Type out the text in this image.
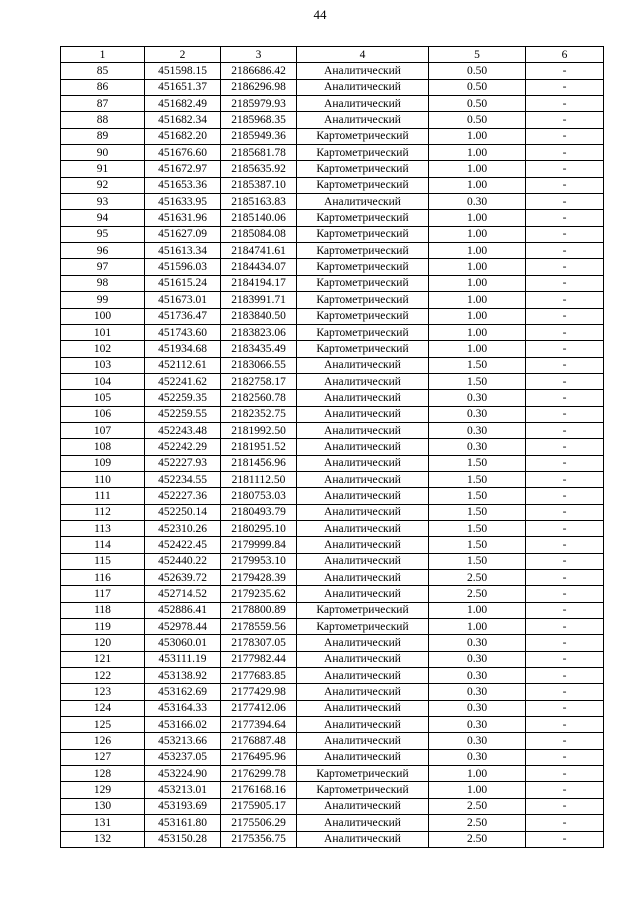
44
1	2	3	4	5	6
85	451598.15	2186686.42	Аналитический	0.50	-
86	451651.37	2186296.98	Аналитический	0.50	-
87	451682.49	2185979.93	Аналитический	0.50	-
88	451682.34	2185968.35	Аналитический	0.50	-
89	451682.20	2185949.36	Картометрический	1.00	-
90	451676.60	2185681.78	Картометрический	1.00	-
91	451672.97	2185635.92	Картометрический	1.00	-
92	451653.36	2185387.10	Картометрический	1.00	-
93	451633.95	2185163.83	Аналитический	0.30	-
94	451631.96	2185140.06	Картометрический	1.00	-
95	451627.09	2185084.08	Картометрический	1.00	-
96	451613.34	2184741.61	Картометрический	1.00	-
97	451596.03	2184434.07	Картометрический	1.00	-
98	451615.24	2184194.17	Картометрический	1.00	-
99	451673.01	2183991.71	Картометрический	1.00	-
100	451736.47	2183840.50	Картометрический	1.00	-
101	451743.60	2183823.06	Картометрический	1.00	-
102	451934.68	2183435.49	Картометрический	1.00	-
103	452112.61	2183066.55	Аналитический	1.50	-
104	452241.62	2182758.17	Аналитический	1.50	-
105	452259.35	2182560.78	Аналитический	0.30	-
106	452259.55	2182352.75	Аналитический	0.30	-
107	452243.48	2181992.50	Аналитический	0.30	-
108	452242.29	2181951.52	Аналитический	0.30	-
109	452227.93	2181456.96	Аналитический	1.50	-
110	452234.55	2181112.50	Аналитический	1.50	-
111	452227.36	2180753.03	Аналитический	1.50	-
112	452250.14	2180493.79	Аналитический	1.50	-
113	452310.26	2180295.10	Аналитический	1.50	-
114	452422.45	2179999.84	Аналитический	1.50	-
115	452440.22	2179953.10	Аналитический	1.50	-
116	452639.72	2179428.39	Аналитический	2.50	-
117	452714.52	2179235.62	Аналитический	2.50	-
118	452886.41	2178800.89	Картометрический	1.00	-
119	452978.44	2178559.56	Картометрический	1.00	-
120	453060.01	2178307.05	Аналитический	0.30	-
121	453111.19	2177982.44	Аналитический	0.30	-
122	453138.92	2177683.85	Аналитический	0.30	-
123	453162.69	2177429.98	Аналитический	0.30	-
124	453164.33	2177412.06	Аналитический	0.30	-
125	453166.02	2177394.64	Аналитический	0.30	-
126	453213.66	2176887.48	Аналитический	0.30	-
127	453237.05	2176495.96	Аналитический	0.30	-
128	453224.90	2176299.78	Картометрический	1.00	-
129	453213.01	2176168.16	Картометрический	1.00	-
130	453193.69	2175905.17	Аналитический	2.50	-
131	453161.80	2175506.29	Аналитический	2.50	-
132	453150.28	2175356.75	Аналитический	2.50	-
